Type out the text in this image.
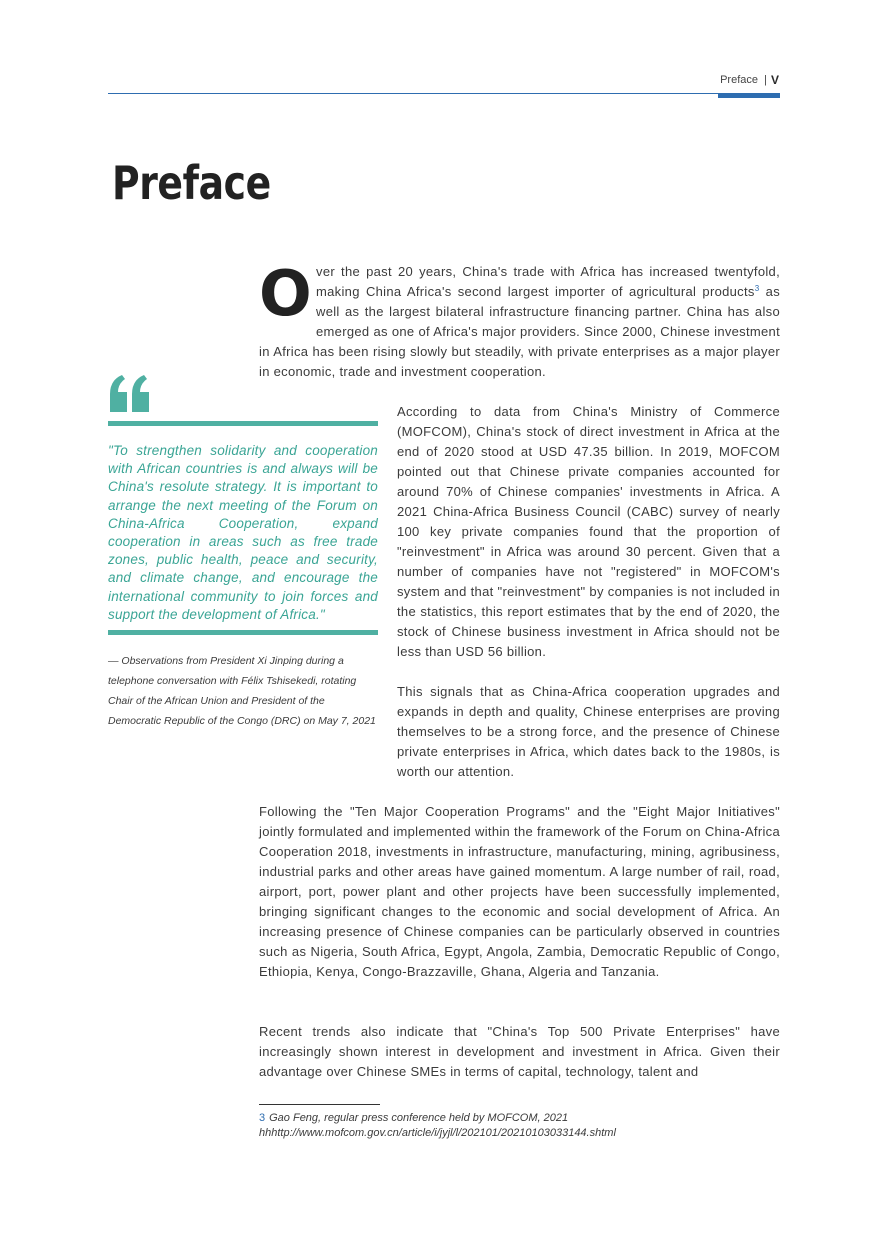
Preface | V
Preface

Over the past 20 years, China's trade with Africa has increased twentyfold, making China Africa's second largest importer of agricultural products$^3$ as well as the largest bilateral infrastructure financing partner. China has also emerged as one of Africa's major providers. Since 2000, Chinese investment in Africa has been rising slowly but steadily, with private enterprises as a major player in economic, trade and investment cooperation.

"To strengthen solidarity and cooperation with African countries is and always will be China's resolute strategy. It is important to arrange the next meeting of the Forum on China-Africa Cooperation, expand cooperation in areas such as free trade zones, public health, peace and security, and climate change, and encourage the international community to join forces and support the development of Africa."

— Observations from President Xi Jinping during a telephone conversation with Félix Tshisekedi, rotating Chair of the African Union and President of the Democratic Republic of the Congo (DRC) on May 7, 2021

According to data from China's Ministry of Commerce (MOFCOM), China's stock of direct investment in Africa at the end of 2020 stood at USD 47.35 billion. In 2019, MOFCOM pointed out that Chinese private companies accounted for around 70% of Chinese companies' investments in Africa. A 2021 China-Africa Business Council (CABC) survey of nearly 100 key private companies found that the proportion of "reinvestment" in Africa was around 30 percent. Given that a number of companies have not "registered" in MOFCOM's system and that "reinvestment" by companies is not included in the statistics, this report estimates that by the end of 2020, the stock of Chinese business investment in Africa should not be less than USD 56 billion.

This signals that as China-Africa cooperation upgrades and expands in depth and quality, Chinese enterprises are proving themselves to be a strong force, and the presence of Chinese private enterprises in Africa, which dates back to the 1980s, is worth our attention.

Following the "Ten Major Cooperation Programs" and the "Eight Major Initiatives" jointly formulated and implemented within the framework of the Forum on China-Africa Cooperation 2018, investments in infrastructure, manufacturing, mining, agribusiness, industrial parks and other areas have gained momentum. A large number of rail, road, airport, port, power plant and other projects have been successfully implemented, bringing significant changes to the economic and social development of Africa. An increasing presence of Chinese companies can be particularly observed in countries such as Nigeria, South Africa, Egypt, Angola, Zambia, Democratic Republic of Congo, Ethiopia, Kenya, Congo-Brazzaville, Ghana, Algeria and Tanzania.

Recent trends also indicate that "China's Top 500 Private Enterprises" have increasingly shown interest in development and investment in Africa. Given their advantage over Chinese SMEs in terms of capital, technology, talent and

3 Gao Feng, regular press conference held by MOFCOM, 2021 hhhttp://www.mofcom.gov.cn/article/i/jyjl/l/202101/20210103033144.shtml
